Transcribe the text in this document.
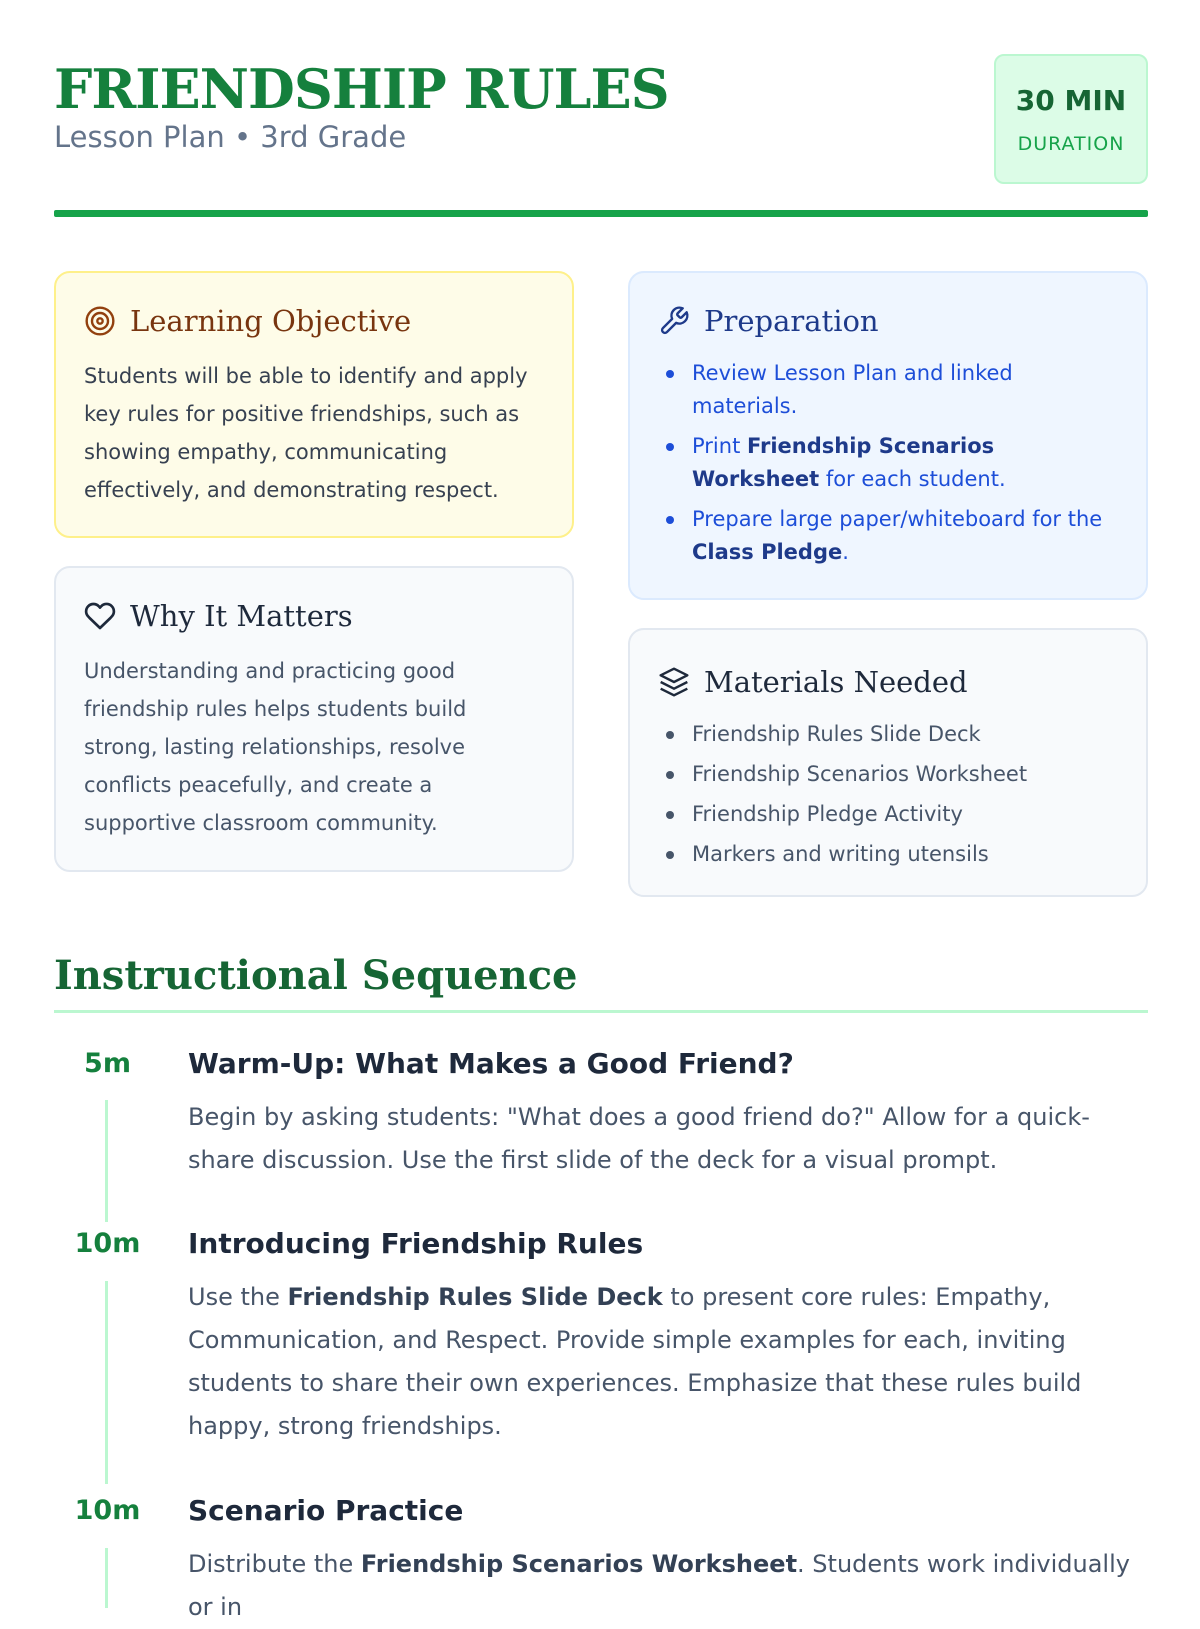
FRIENDSHIP RULES
Lesson Plan • 3rd Grade
30 MIN
DURATION
Learning Objective

Students will be able to identify and apply key rules for positive friendships, such as showing empathy, communicating effectively, and demonstrating respect.

Why It Matters

Understanding and practicing good friendship rules helps students build strong, lasting relationships, resolve conflicts peacefully, and create a supportive classroom community.

Preparation
Review Lesson Plan and linked materials.
Print Friendship Scenarios Worksheet for each student.
Prepare large paper/whiteboard for the Class Pledge.
Materials Needed
Friendship Rules Slide Deck
Friendship Scenarios Worksheet
Friendship Pledge Activity
Markers and writing utensils
Instructional Sequence
5m	Warm-Up: What Makes a Good Friend?

Begin by asking students: "What does a good friend do?" Allow for a quick-share discussion. Use the first slide of the deck for a visual prompt.

10m	Introducing Friendship Rules

Use the Friendship Rules Slide Deck to present core rules: Empathy, Communication, and Respect. Provide simple examples for each, inviting students to share their own experiences. Emphasize that these rules build happy, strong friendships.

10m	Scenario Practice

Distribute the Friendship Scenarios Worksheet. Students work individually or in
